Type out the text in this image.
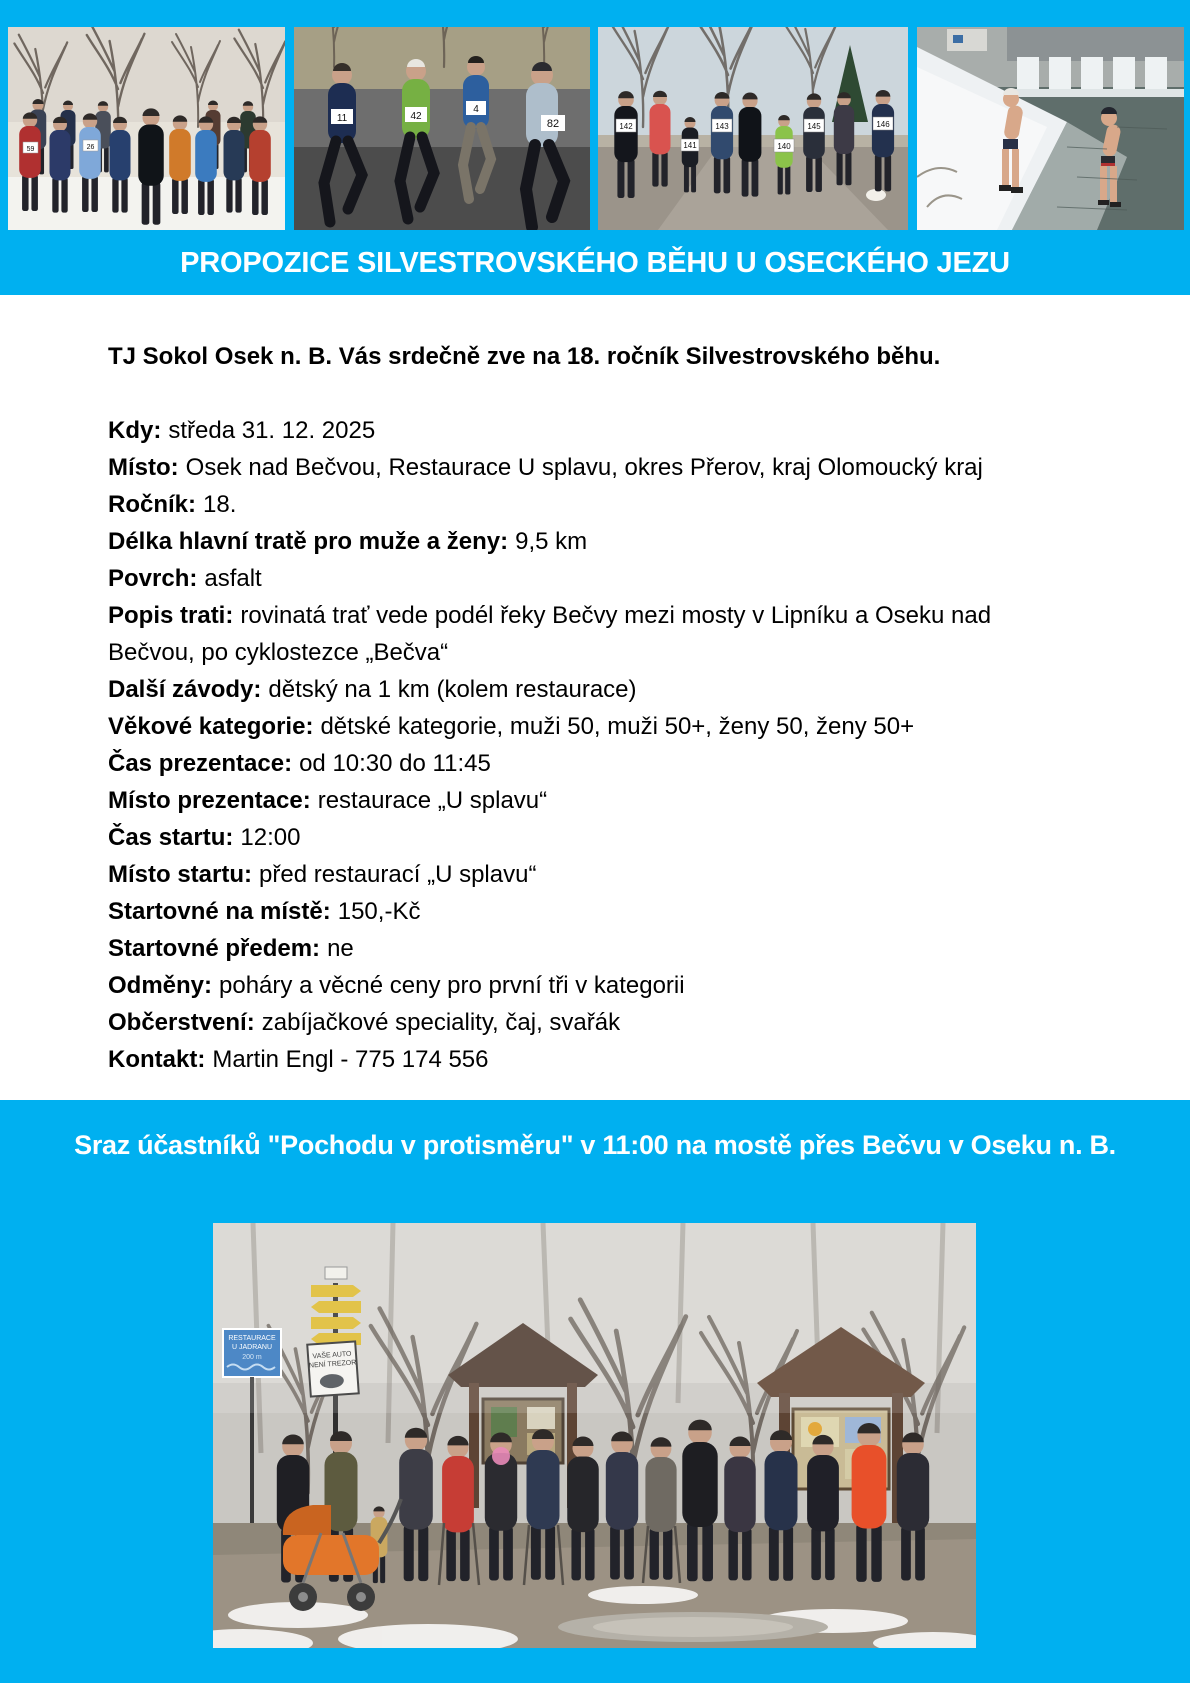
59	26
11	42
4
82	142
141
143
140
145	146
PROPOZICE SILVESTROVSKÉHO BĚHU U OSECKÉHO JEZU

TJ Sokol Osek n. B. Vás srdečně zve na 18. ročník Silvestrovského běhu.

Kdy: středa 31. 12. 2025

Místo: Osek nad Bečvou, Restaurace U splavu, okres Přerov, kraj Olomoucký kraj

Ročník: 18.

Délka hlavní tratě pro muže a ženy: 9,5 km

Povrch: asfalt

Popis trati: rovinatá trať vede podél řeky Bečvy mezi mosty v Lipníku a Oseku nad

Bečvou, po cyklostezce „Bečva“

Další závody: dětský na 1 km (kolem restaurace)

Věkové kategorie: dětské kategorie, muži 50, muži 50+, ženy 50, ženy 50+

Čas prezentace: od 10:30 do 11:45

Místo prezentace: restaurace „U splavu“

Čas startu: 12:00

Místo startu: před restaurací „U splavu“

Startovné na místě: 150,-Kč

Startovné předem: ne

Odměny: poháry a věcné ceny pro první tři v kategorii

Občerstvení: zabíjačkové speciality, čaj, svařák

Kontakt: Martin Engl - 775 174 556

Sraz účastníků "Pochodu v protisměru" v 11:00 na mostě přes Bečvu v Oseku n. B.
RESTAURACE
U JADRANU
200 m	VAŠE AUTO
NENÍ TREZOR
